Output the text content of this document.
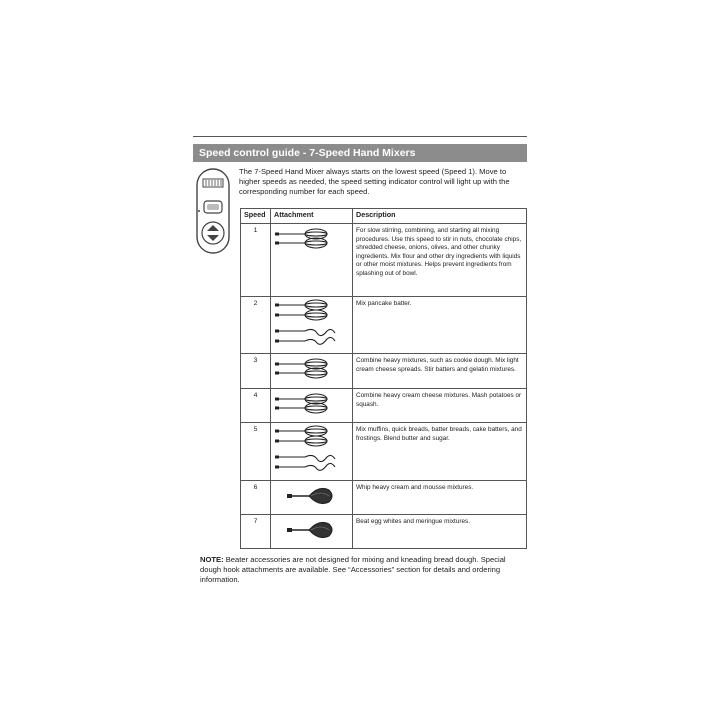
Speed control guide - 7-Speed Hand Mixers
The 7-Speed Hand Mixer always starts on the lowest speed (Speed 1). Move to higher speeds as needed, the speed setting indicator control will light up with the corresponding number for each speed.
Speed	Attachment	Description
1		For slow stirring, combining, and starting all mixing procedures. Use this speed to stir in nuts, chocolate chips, shredded cheese, onions, olives, and other chunky ingredients. Mix flour and other dry ingredients with liquids or other moist mixtures. Helps prevent ingredients from splashing out of bowl.
2		Mix pancake batter.
3		Combine heavy mixtures, such as cookie dough. Mix light cream cheese spreads. Stir batters and gelatin mixtures.
4		Combine heavy cream cheese mixtures. Mash potatoes or squash.
5		Mix muffins, quick breads, batter breads, cake batters, and frostings. Blend butter and sugar.
6		Whip heavy cream and mousse mixtures.
7		Beat egg whites and meringue mixtures.
NOTE: Beater accessories are not designed for mixing and kneading bread dough. Special dough hook attachments are available. See “Accessories” section for details and ordering information.
